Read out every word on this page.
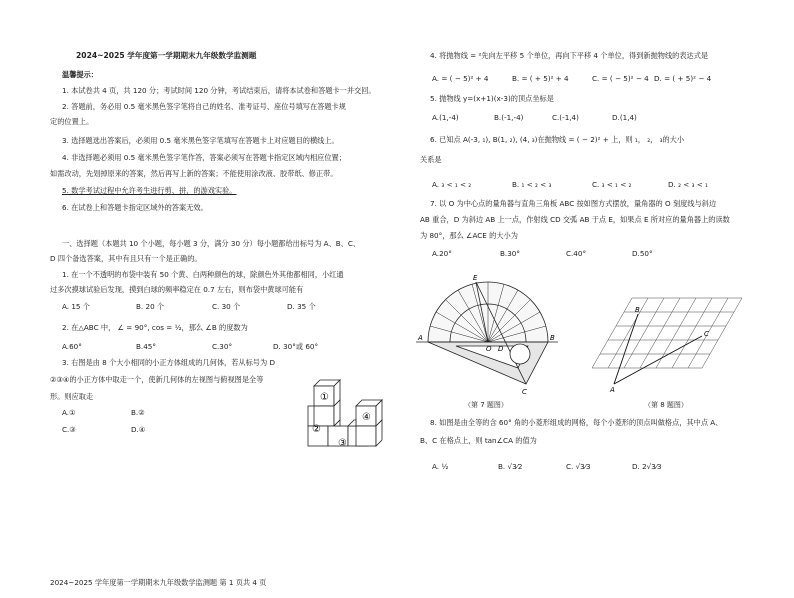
2024~2025 学年度第一学期期末九年级数学监测题
温馨提示：
1. 本试卷共 4 页，共 120 分；考试时间 120 分钟，考试结束后，请将本试卷和答题卡一并交回。
2. 答题前，务必用 0.5 毫米黑色签字笔将自己的姓名、准考证号、座位号填写在答题卡规
定的位置上。
3. 选择题选出答案后，必须用 0.5 毫米黑色签字笔填写在答题卡上对应题目的横线上。
4. 非选择题必须用 0.5 毫米黑色签字笔作答，答案必须写在答题卡指定区域内相应位置；
如需改动，先划掉原来的答案，然后再写上新的答案；不能使用涂改液、胶带纸、修正带。
5. 数学考试过程中允许考生进行剪、拼，的游戏实验。
6. 在试卷上和答题卡指定区域外的答案无效。
一、选择题（本题共 10 个小题，每小题 3 分，满分 30 分）每小题都给出标号为 A、B、C、
D 四个备选答案，其中有且只有一个是正确的。
1. 在一个不透明的布袋中装有 50 个黄、白两种颜色的球，除颜色外其他都相同，小红通
过多次摸球试验后发现，摸到白球的频率稳定在 0.7 左右，则布袋中黄球可能有
A. 15 个	B. 20 个	C. 30 个	D. 35 个
2. 在△ABC 中， ∠ = 90°, cos = ½，那么 ∠B 的度数为
A.60°	B.45°	C.30°	D. 30°或 60°
3. 右图是由 8 个大小相同的小正方体组成的几何体，若从标号为 D
②③④的小正方体中取走一个，使新几何体的左视图与俯视图是全等
形。则应取走
A.①	B.②
C.③	D.④
①
②
③
④
2024~2025 学年度第一学期期末九年级数学监测题 第 1 页共 4 页
4. 将抛物线 = ²先向左平移 5 个单位，再向下平移 4 个单位，得到新抛物线的表达式是
A. = ( − 5)² + 4	B. = ( + 5)² + 4	C. = ( − 5)² − 4 D. = ( + 5)² − 4
5. 抛物线 y=(x+1)(x-3)的顶点坐标是
A.(1,-4)	B.(-1,-4)	C.(-1,4)	D.(1,4)
6. 已知点 A(-3, ₁), B(1, ₂), (4, ₃)在抛物线 = ( − 2)² + 上，则 ₁， ₂， ₃的大小
关系是
A. ₃ < ₁ < ₂	B. ₁ < ₂ < ₃	C. ₃ < ₁ < ₂	D. ₂ < ₃ < ₁
7. 以 O 为中心点的量角器与直角三角板 ABC 按如图方式摆放，量角器的 O 刻度线与斜边
AB 重合，D 为斜边 AB 上一点，作射线 CD 交弧 AB 于点 E，如果点 E 所对应的量角器上的读数
为 80°，那么 ∠ACE 的大小为
A.20°	B.30°	C.40°	D.50°
E
A
O D
B
C
（第 7 题图）
B
C
A
（第 8 题图）
8. 如图是由全等的含 60° 角的小菱形组成的网格，每个小菱形的顶点叫做格点，其中点 A、
B、C 在格点上，则 tan∠CA 的值为
A. ½	B. √3⁄2	C. √3⁄3	D. 2√3⁄3
